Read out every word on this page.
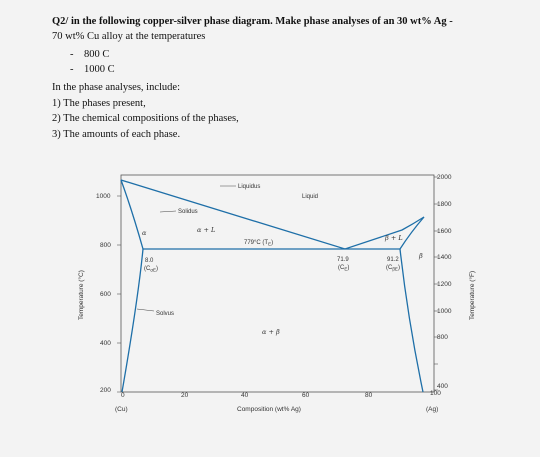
Q2/ in the following copper-silver phase diagram. Make phase analyses of an 30 wt% Ag -
70 wt% Cu alloy at the temperatures
- 800 C
- 1000 C
In the phase analyses, include:
1) The phases present,
2) The chemical compositions of the phases,
3) The amounts of each phase.
1000
800
600
400
200
Temperature (°C)
2000
1800
1600
1400
1200
1000
800
400
100
Temperature (°F)
0	20	40	60	80
(Cu)	Composition (wt% Ag)	(Ag)
Liquidus
Solidus
Solvus
Liquid
α	α + L
β + L
β
α + β
779°C $(T_E)$
8.0
$(C_{\alpha E})$
71.9
$(C_E)$
91.2
$(C_{\beta E})$
